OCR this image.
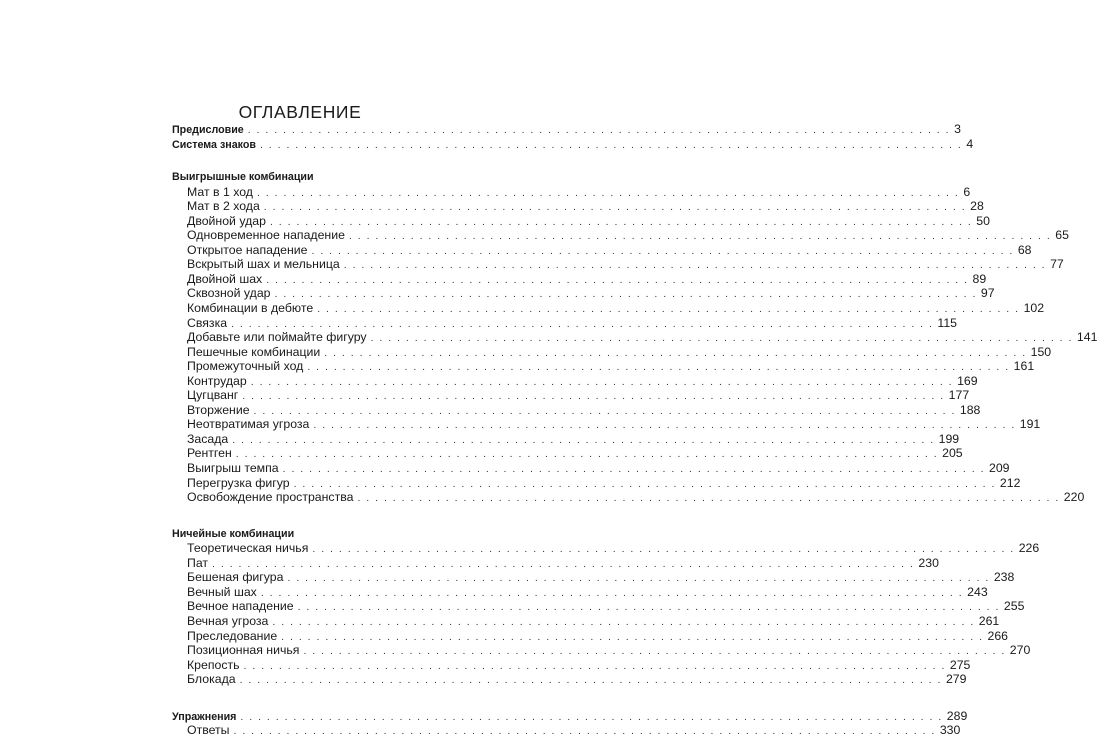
ОГЛАВЛЕНИЕ
Предисловие . . . . . . . . . . . . . . . . . . . . . . . . . . . . . . . . . . . . . . . . . . . . . . . . . . . . . . . . . . . . . . . . . . . . . . . . . . . . . . . . 3
Система знаков . . . . . . . . . . . . . . . . . . . . . . . . . . . . . . . . . . . . . . . . . . . . . . . . . . . . . . . . . . . . . . . . . . . . . . . . . . . . . . . . 4
Выигрышные комбинации
Мат в 1 ход . . . . . . . . . . . . . . . . . . . . . . . . . . . . . . . . . . . . . . . . . . . . . . . . . . . . . . . . . . . . . . . . . . . . . . . . . . . . . . . . 6
Мат в 2 хода . . . . . . . . . . . . . . . . . . . . . . . . . . . . . . . . . . . . . . . . . . . . . . . . . . . . . . . . . . . . . . . . . . . . . . . . . . . . . . . . 28
Двойной удар . . . . . . . . . . . . . . . . . . . . . . . . . . . . . . . . . . . . . . . . . . . . . . . . . . . . . . . . . . . . . . . . . . . . . . . . . . . . . . . . 50
Одновременное нападение . . . . . . . . . . . . . . . . . . . . . . . . . . . . . . . . . . . . . . . . . . . . . . . . . . . . . . . . . . . . . . . . . . . . . . . . . . . . . . . . 65
Открытое нападение . . . . . . . . . . . . . . . . . . . . . . . . . . . . . . . . . . . . . . . . . . . . . . . . . . . . . . . . . . . . . . . . . . . . . . . . . . . . . . . . 68
Вскрытый шах и мельница . . . . . . . . . . . . . . . . . . . . . . . . . . . . . . . . . . . . . . . . . . . . . . . . . . . . . . . . . . . . . . . . . . . . . . . . . . . . . . . . 77
Двойной шах . . . . . . . . . . . . . . . . . . . . . . . . . . . . . . . . . . . . . . . . . . . . . . . . . . . . . . . . . . . . . . . . . . . . . . . . . . . . . . . . 89
Сквозной удар . . . . . . . . . . . . . . . . . . . . . . . . . . . . . . . . . . . . . . . . . . . . . . . . . . . . . . . . . . . . . . . . . . . . . . . . . . . . . . . . 97
Комбинации в дебюте . . . . . . . . . . . . . . . . . . . . . . . . . . . . . . . . . . . . . . . . . . . . . . . . . . . . . . . . . . . . . . . . . . . . . . . . . . . . . . . . 102
Связка . . . . . . . . . . . . . . . . . . . . . . . . . . . . . . . . . . . . . . . . . . . . . . . . . . . . . . . . . . . . . . . . . . . . . . . . . . . . . . . . 115
Добавьте или поймайте фигуру . . . . . . . . . . . . . . . . . . . . . . . . . . . . . . . . . . . . . . . . . . . . . . . . . . . . . . . . . . . . . . . . . . . . . . . . . . . . . . . . 141
Пешечные комбинации . . . . . . . . . . . . . . . . . . . . . . . . . . . . . . . . . . . . . . . . . . . . . . . . . . . . . . . . . . . . . . . . . . . . . . . . . . . . . . . . 150
Промежуточный ход . . . . . . . . . . . . . . . . . . . . . . . . . . . . . . . . . . . . . . . . . . . . . . . . . . . . . . . . . . . . . . . . . . . . . . . . . . . . . . . . 161
Контрудар . . . . . . . . . . . . . . . . . . . . . . . . . . . . . . . . . . . . . . . . . . . . . . . . . . . . . . . . . . . . . . . . . . . . . . . . . . . . . . . . 169
Цугцванг . . . . . . . . . . . . . . . . . . . . . . . . . . . . . . . . . . . . . . . . . . . . . . . . . . . . . . . . . . . . . . . . . . . . . . . . . . . . . . . . 177
Вторжение . . . . . . . . . . . . . . . . . . . . . . . . . . . . . . . . . . . . . . . . . . . . . . . . . . . . . . . . . . . . . . . . . . . . . . . . . . . . . . . . 188
Неотвратимая угроза . . . . . . . . . . . . . . . . . . . . . . . . . . . . . . . . . . . . . . . . . . . . . . . . . . . . . . . . . . . . . . . . . . . . . . . . . . . . . . . . 191
Засада . . . . . . . . . . . . . . . . . . . . . . . . . . . . . . . . . . . . . . . . . . . . . . . . . . . . . . . . . . . . . . . . . . . . . . . . . . . . . . . . 199
Рентген . . . . . . . . . . . . . . . . . . . . . . . . . . . . . . . . . . . . . . . . . . . . . . . . . . . . . . . . . . . . . . . . . . . . . . . . . . . . . . . . 205
Выигрыш темпа . . . . . . . . . . . . . . . . . . . . . . . . . . . . . . . . . . . . . . . . . . . . . . . . . . . . . . . . . . . . . . . . . . . . . . . . . . . . . . . . 209
Перегрузка фигур . . . . . . . . . . . . . . . . . . . . . . . . . . . . . . . . . . . . . . . . . . . . . . . . . . . . . . . . . . . . . . . . . . . . . . . . . . . . . . . . 212
Освобождение пространства . . . . . . . . . . . . . . . . . . . . . . . . . . . . . . . . . . . . . . . . . . . . . . . . . . . . . . . . . . . . . . . . . . . . . . . . . . . . . . . . 220
Ничейные комбинации
Теоретическая ничья . . . . . . . . . . . . . . . . . . . . . . . . . . . . . . . . . . . . . . . . . . . . . . . . . . . . . . . . . . . . . . . . . . . . . . . . . . . . . . . . 226
Пат . . . . . . . . . . . . . . . . . . . . . . . . . . . . . . . . . . . . . . . . . . . . . . . . . . . . . . . . . . . . . . . . . . . . . . . . . . . . . . . . 230
Бешеная фигура . . . . . . . . . . . . . . . . . . . . . . . . . . . . . . . . . . . . . . . . . . . . . . . . . . . . . . . . . . . . . . . . . . . . . . . . . . . . . . . . 238
Вечный шах . . . . . . . . . . . . . . . . . . . . . . . . . . . . . . . . . . . . . . . . . . . . . . . . . . . . . . . . . . . . . . . . . . . . . . . . . . . . . . . . 243
Вечное нападение . . . . . . . . . . . . . . . . . . . . . . . . . . . . . . . . . . . . . . . . . . . . . . . . . . . . . . . . . . . . . . . . . . . . . . . . . . . . . . . . 255
Вечная угроза . . . . . . . . . . . . . . . . . . . . . . . . . . . . . . . . . . . . . . . . . . . . . . . . . . . . . . . . . . . . . . . . . . . . . . . . . . . . . . . . 261
Преследование . . . . . . . . . . . . . . . . . . . . . . . . . . . . . . . . . . . . . . . . . . . . . . . . . . . . . . . . . . . . . . . . . . . . . . . . . . . . . . . . 266
Позиционная ничья . . . . . . . . . . . . . . . . . . . . . . . . . . . . . . . . . . . . . . . . . . . . . . . . . . . . . . . . . . . . . . . . . . . . . . . . . . . . . . . . 270
Крепость . . . . . . . . . . . . . . . . . . . . . . . . . . . . . . . . . . . . . . . . . . . . . . . . . . . . . . . . . . . . . . . . . . . . . . . . . . . . . . . . 275
Блокада . . . . . . . . . . . . . . . . . . . . . . . . . . . . . . . . . . . . . . . . . . . . . . . . . . . . . . . . . . . . . . . . . . . . . . . . . . . . . . . . 279
Упражнения . . . . . . . . . . . . . . . . . . . . . . . . . . . . . . . . . . . . . . . . . . . . . . . . . . . . . . . . . . . . . . . . . . . . . . . . . . . . . . . . 289
Ответы . . . . . . . . . . . . . . . . . . . . . . . . . . . . . . . . . . . . . . . . . . . . . . . . . . . . . . . . . . . . . . . . . . . . . . . . . . . . . . . . 330
